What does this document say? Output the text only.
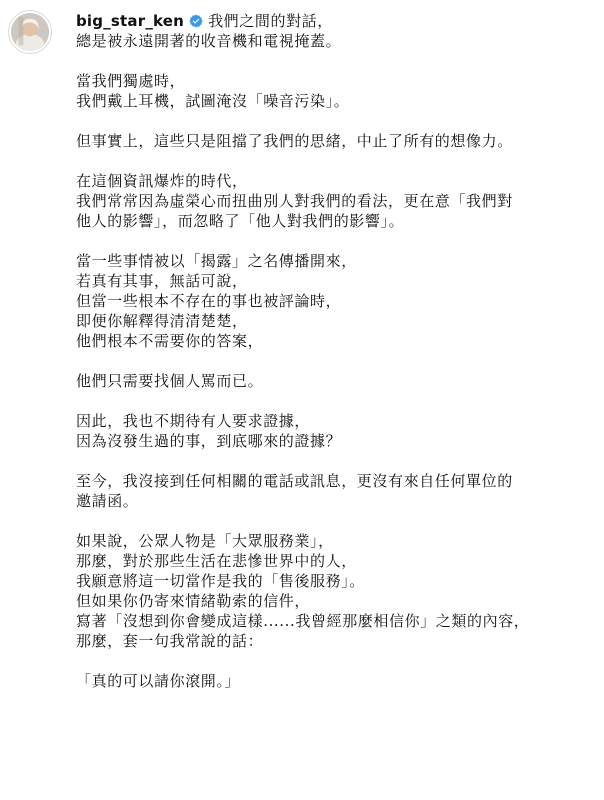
big_star_ken 我們之間的對話，
總是被永遠開著的收音機和電視掩蓋。
當我們獨處時，
我們戴上耳機，試圖淹沒「噪音污染」。
但事實上，這些只是阻擋了我們的思緒，中止了所有的想像力。
在這個資訊爆炸的時代，
我們常常因為虛榮心而扭曲別人對我們的看法，更在意「我們對
他人的影響」，而忽略了「他人對我們的影響」。
當一些事情被以「揭露」之名傳播開來，
若真有其事，無話可說，
但當一些根本不存在的事也被評論時，
即便你解釋得清清楚楚，
他們根本不需要你的答案，
他們只需要找個人罵而已。
因此，我也不期待有人要求證據，
因為沒發生過的事，到底哪來的證據？
至今，我沒接到任何相關的電話或訊息，更沒有來自任何單位的
邀請函。
如果說，公眾人物是「大眾服務業」，
那麼，對於那些生活在悲慘世界中的人，
我願意將這一切當作是我的「售後服務」。
但如果你仍寄來情緒勒索的信件，
寫著「沒想到你會變成這樣......我曾經那麼相信你」之類的內容，
那麼，套一句我常說的話：
「真的可以請你滾開。」
